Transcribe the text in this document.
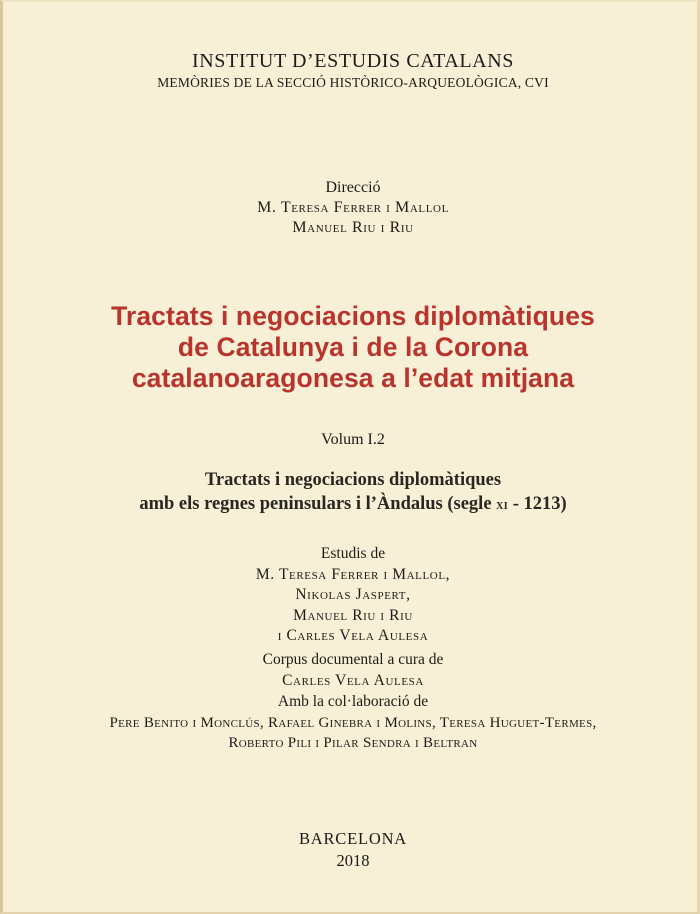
INSTITUT D’ESTUDIS CATALANS
MEMÒRIES DE LA SECCIÓ HISTÒRICO-ARQUEOLÒGICA, CVI
Direcció
M. Teresa Ferrer i Mallol
Manuel Riu i Riu
Tractats i negociacions diplomàtiques
de Catalunya i de la Corona
catalanoaragonesa a l’edat mitjana
Volum I.2
Tractats i negociacions diplomàtiques
amb els regnes peninsulars i l’Àndalus (segle xi - 1213)
Estudis de
M. Teresa Ferrer i Mallol,
Nikolas Jaspert,
Manuel Riu i Riu
i Carles Vela Aulesa
Corpus documental a cura de
Carles Vela Aulesa
Amb la col·laboració de
Pere Benito i Monclús, Rafael Ginebra i Molins, Teresa Huguet-Termes,
Roberto Pili i Pilar Sendra i Beltran
BARCELONA
2018
